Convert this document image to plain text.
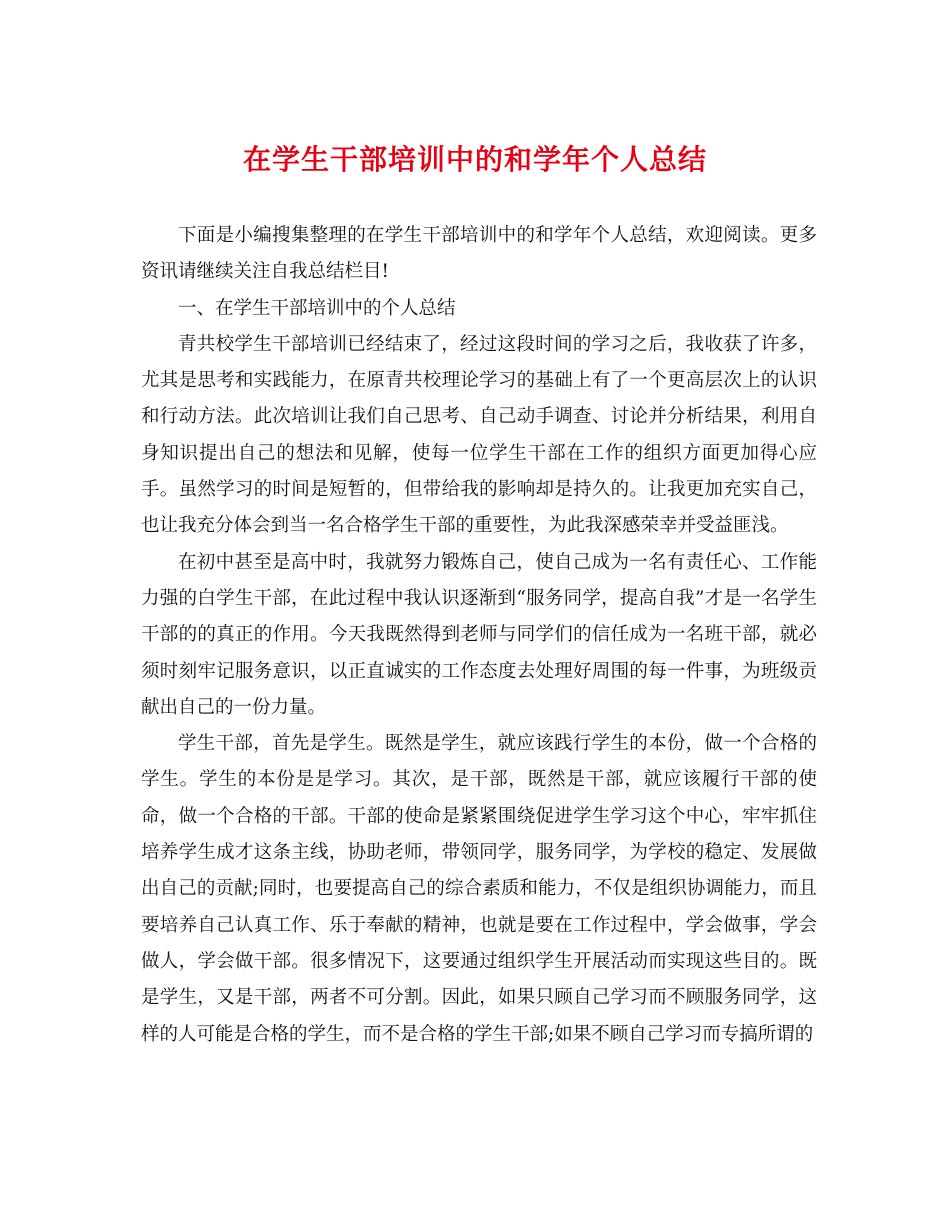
在学生干部培训中的和学年个人总结

下面是小编搜集整理的在学生干部培训中的和学年个人总结，欢迎阅读。更多资讯请继续关注自我总结栏目!

一、在学生干部培训中的个人总结

青共校学生干部培训已经结束了，经过这段时间的学习之后，我收获了许多，尤其是思考和实践能力，在原青共校理论学习的基础上有了一个更高层次上的认识和行动方法。此次培训让我们自己思考、自己动手调查、讨论并分析结果，利用自身知识提出自己的想法和见解，使每一位学生干部在工作的组织方面更加得心应手。虽然学习的时间是短暂的，但带给我的影响却是持久的。让我更加充实自己，也让我充分体会到当一名合格学生干部的重要性，为此我深感荣幸并受益匪浅。

在初中甚至是高中时，我就努力锻炼自己，使自己成为一名有责任心、工作能力强的白学生干部，在此过程中我认识逐渐到“服务同学，提高自我”才是一名学生干部的的真正的作用。今天我既然得到老师与同学们的信任成为一名班干部，就必须时刻牢记服务意识，以正直诚实的工作态度去处理好周围的每一件事，为班级贡献出自己的一份力量。

学生干部，首先是学生。既然是学生，就应该践行学生的本份，做一个合格的学生。学生的本份是是学习。其次，是干部，既然是干部，就应该履行干部的使命，做一个合格的干部。干部的使命是紧紧围绕促进学生学习这个中心，牢牢抓住培养学生成才这条主线，协助老师，带领同学，服务同学，为学校的稳定、发展做出自己的贡献;同时，也要提高自己的综合素质和能力，不仅是组织协调能力，而且要培养自己认真工作、乐于奉献的精神，也就是要在工作过程中，学会做事，学会做人，学会做干部。很多情况下，这要通过组织学生开展活动而实现这些目的。既是学生，又是干部，两者不可分割。因此，如果只顾自己学习而不顾服务同学，这样的人可能是合格的学生，而不是合格的学生干部;如果不顾自己学习而专搞所谓的
